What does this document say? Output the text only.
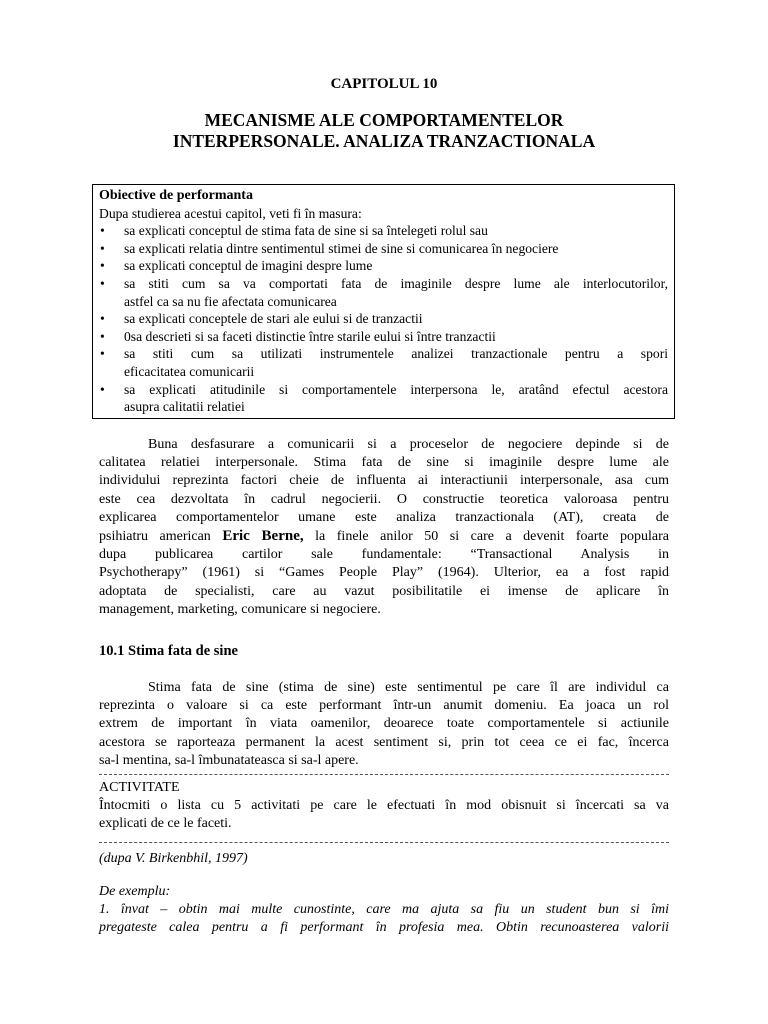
CAPITOLUL 10
MECANISME ALE COMPORTAMENTELOR
INTERPERSONALE. ANALIZA TRANZACTIONALA
Obiective de performanta
Dupa studierea acestui capitol, veti fi în masura:
• sa explicati conceptul de stima fata de sine si sa întelegeti rolul sau
• sa explicati relatia dintre sentimentul stimei de sine si comunicarea în negociere
• sa explicati conceptul de imagini despre lume
• sa stiti cum sa va comportati fata de imaginile despre lume ale interlocutorilor,
astfel ca sa nu fie afectata comunicarea
• sa explicati conceptele de stari ale eului si de tranzactii
• 0sa descrieti si sa faceti distinctie între starile eului si între tranzactii
• sa stiti cum sa utilizati instrumentele analizei tranzactionale pentru a spori
eficacitatea comunicarii
• sa explicati atitudinile si comportamentele interpersona le, aratând efectul acestora
asupra calitatii relatiei

Buna desfasurare a comunicarii si a proceselor de negociere depinde si de

calitatea relatiei interpersonale. Stima fata de sine si imaginile despre lume ale

individului reprezinta factori cheie de influenta ai interactiunii interpersonale, asa cum

este cea dezvoltata în cadrul negocierii. O constructie teoretica valoroasa pentru

explicarea comportamentelor umane este analiza tranzactionala (AT), creata de

psihiatru american Eric Berne, la finele anilor 50 si care a devenit foarte populara

dupa publicarea cartilor sale fundamentale: “Transactional Analysis in

Psychotherapy” (1961) si “Games People Play” (1964). Ulterior, ea a fost rapid

adoptata de specialisti, care au vazut posibilitatile ei imense de aplicare în

management, marketing, comunicare si negociere.

10.1 Stima fata de sine

Stima fata de sine (stima de sine) este sentimentul pe care îl are individul ca

reprezinta o valoare si ca este performant într-un anumit domeniu. Ea joaca un rol

extrem de important în viata oamenilor, deoarece toate comportamentele si actiunile

acestora se raporteaza permanent la acest sentiment si, prin tot ceea ce ei fac, încerca

sa-l mentina, sa-l îmbunatateasca si sa-l apere.

ACTIVITATE

Întocmiti o lista cu 5 activitati pe care le efectuati în mod obisnuit si încercati sa va

explicati de ce le faceti.

(dupa V. Birkenbhil, 1997)

De exemplu:

1. învat – obtin mai multe cunostinte, care ma ajuta sa fiu un student bun si îmi

pregateste calea pentru a fi performant în profesia mea. Obtin recunoasterea valorii
